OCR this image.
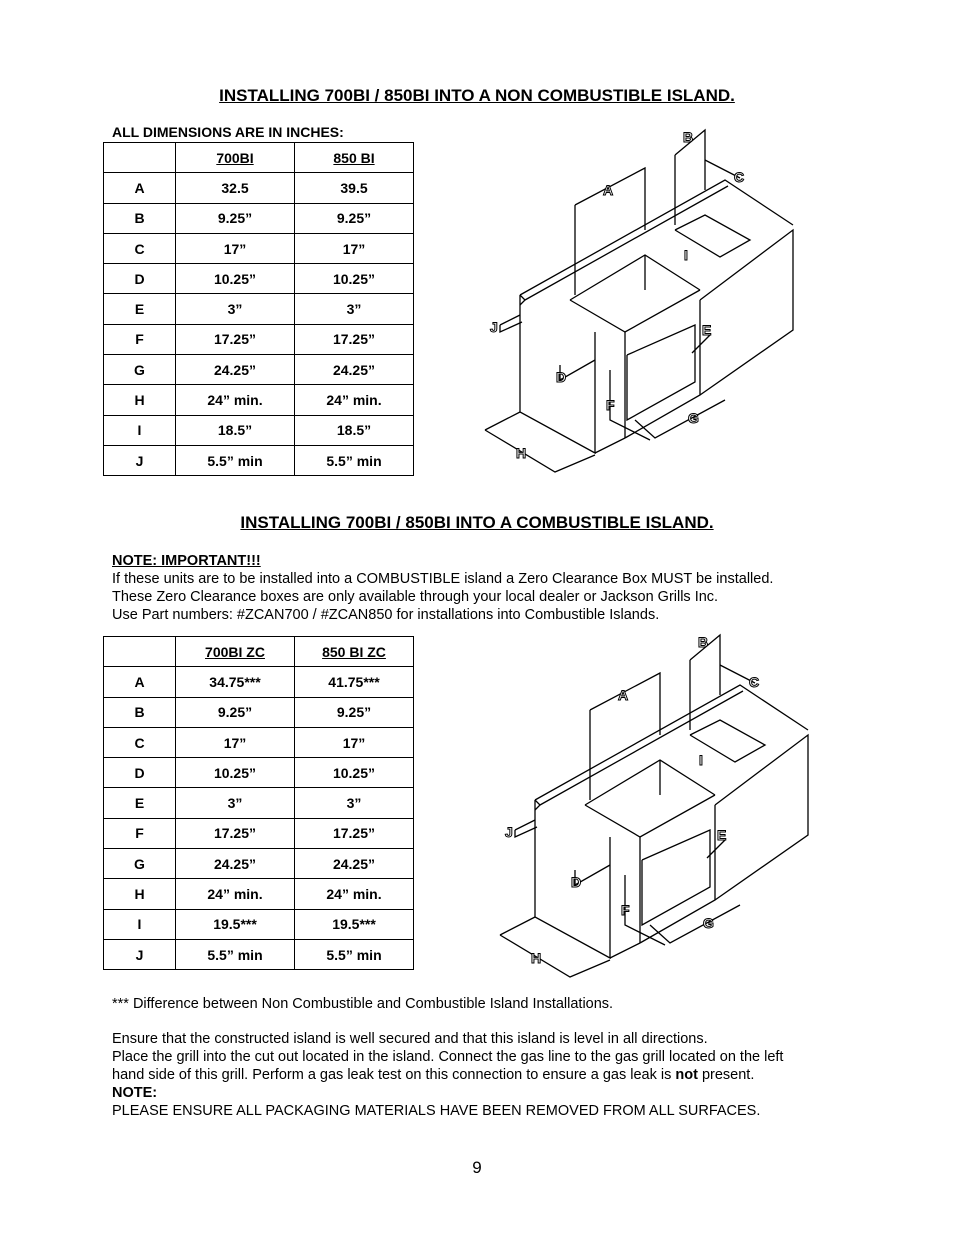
INSTALLING 700BI / 850BI INTO A NON COMBUSTIBLE ISLAND.
ALL DIMENSIONS ARE IN INCHES:
	700BI	850 BI
A	32.5	39.5
B	9.25”	9.25”
C	17”	17”
D	10.25”	10.25”
E	3”	3”
F	17.25”	17.25”
G	24.25”	24.25”
H	24” min.	24” min.
I	18.5”	18.5”
J	5.5” min	5.5” min
B
A
C
I
J	E
D
F
G
H
INSTALLING 700BI / 850BI INTO A COMBUSTIBLE ISLAND.
NOTE: IMPORTANT!!!
If these units are to be installed into a COMBUSTIBLE island a Zero Clearance Box MUST be installed.
These Zero Clearance boxes are only available through your local dealer or Jackson Grills Inc.
Use Part numbers: #ZCAN700 / #ZCAN850 for installations into Combustible Islands.
	700BI ZC	850 BI ZC
A	34.75***	41.75***
B	9.25”	9.25”
C	17”	17”
D	10.25”	10.25”
E	3”	3”
F	17.25”	17.25”
G	24.25”	24.25”
H	24” min.	24” min.
I	19.5***	19.5***
J	5.5” min	5.5” min
B
A
C
I
J	E
D
F
G
H
*** Difference between Non Combustible and Combustible Island Installations.
Ensure that the constructed island is well secured and that this island is level in all directions.
Place the grill into the cut out located in the island. Connect the gas line to the gas grill located on the left
hand side of this grill. Perform a gas leak test on this connection to ensure a gas leak is not present.
NOTE:
PLEASE ENSURE ALL PACKAGING MATERIALS HAVE BEEN REMOVED FROM ALL SURFACES.
9
